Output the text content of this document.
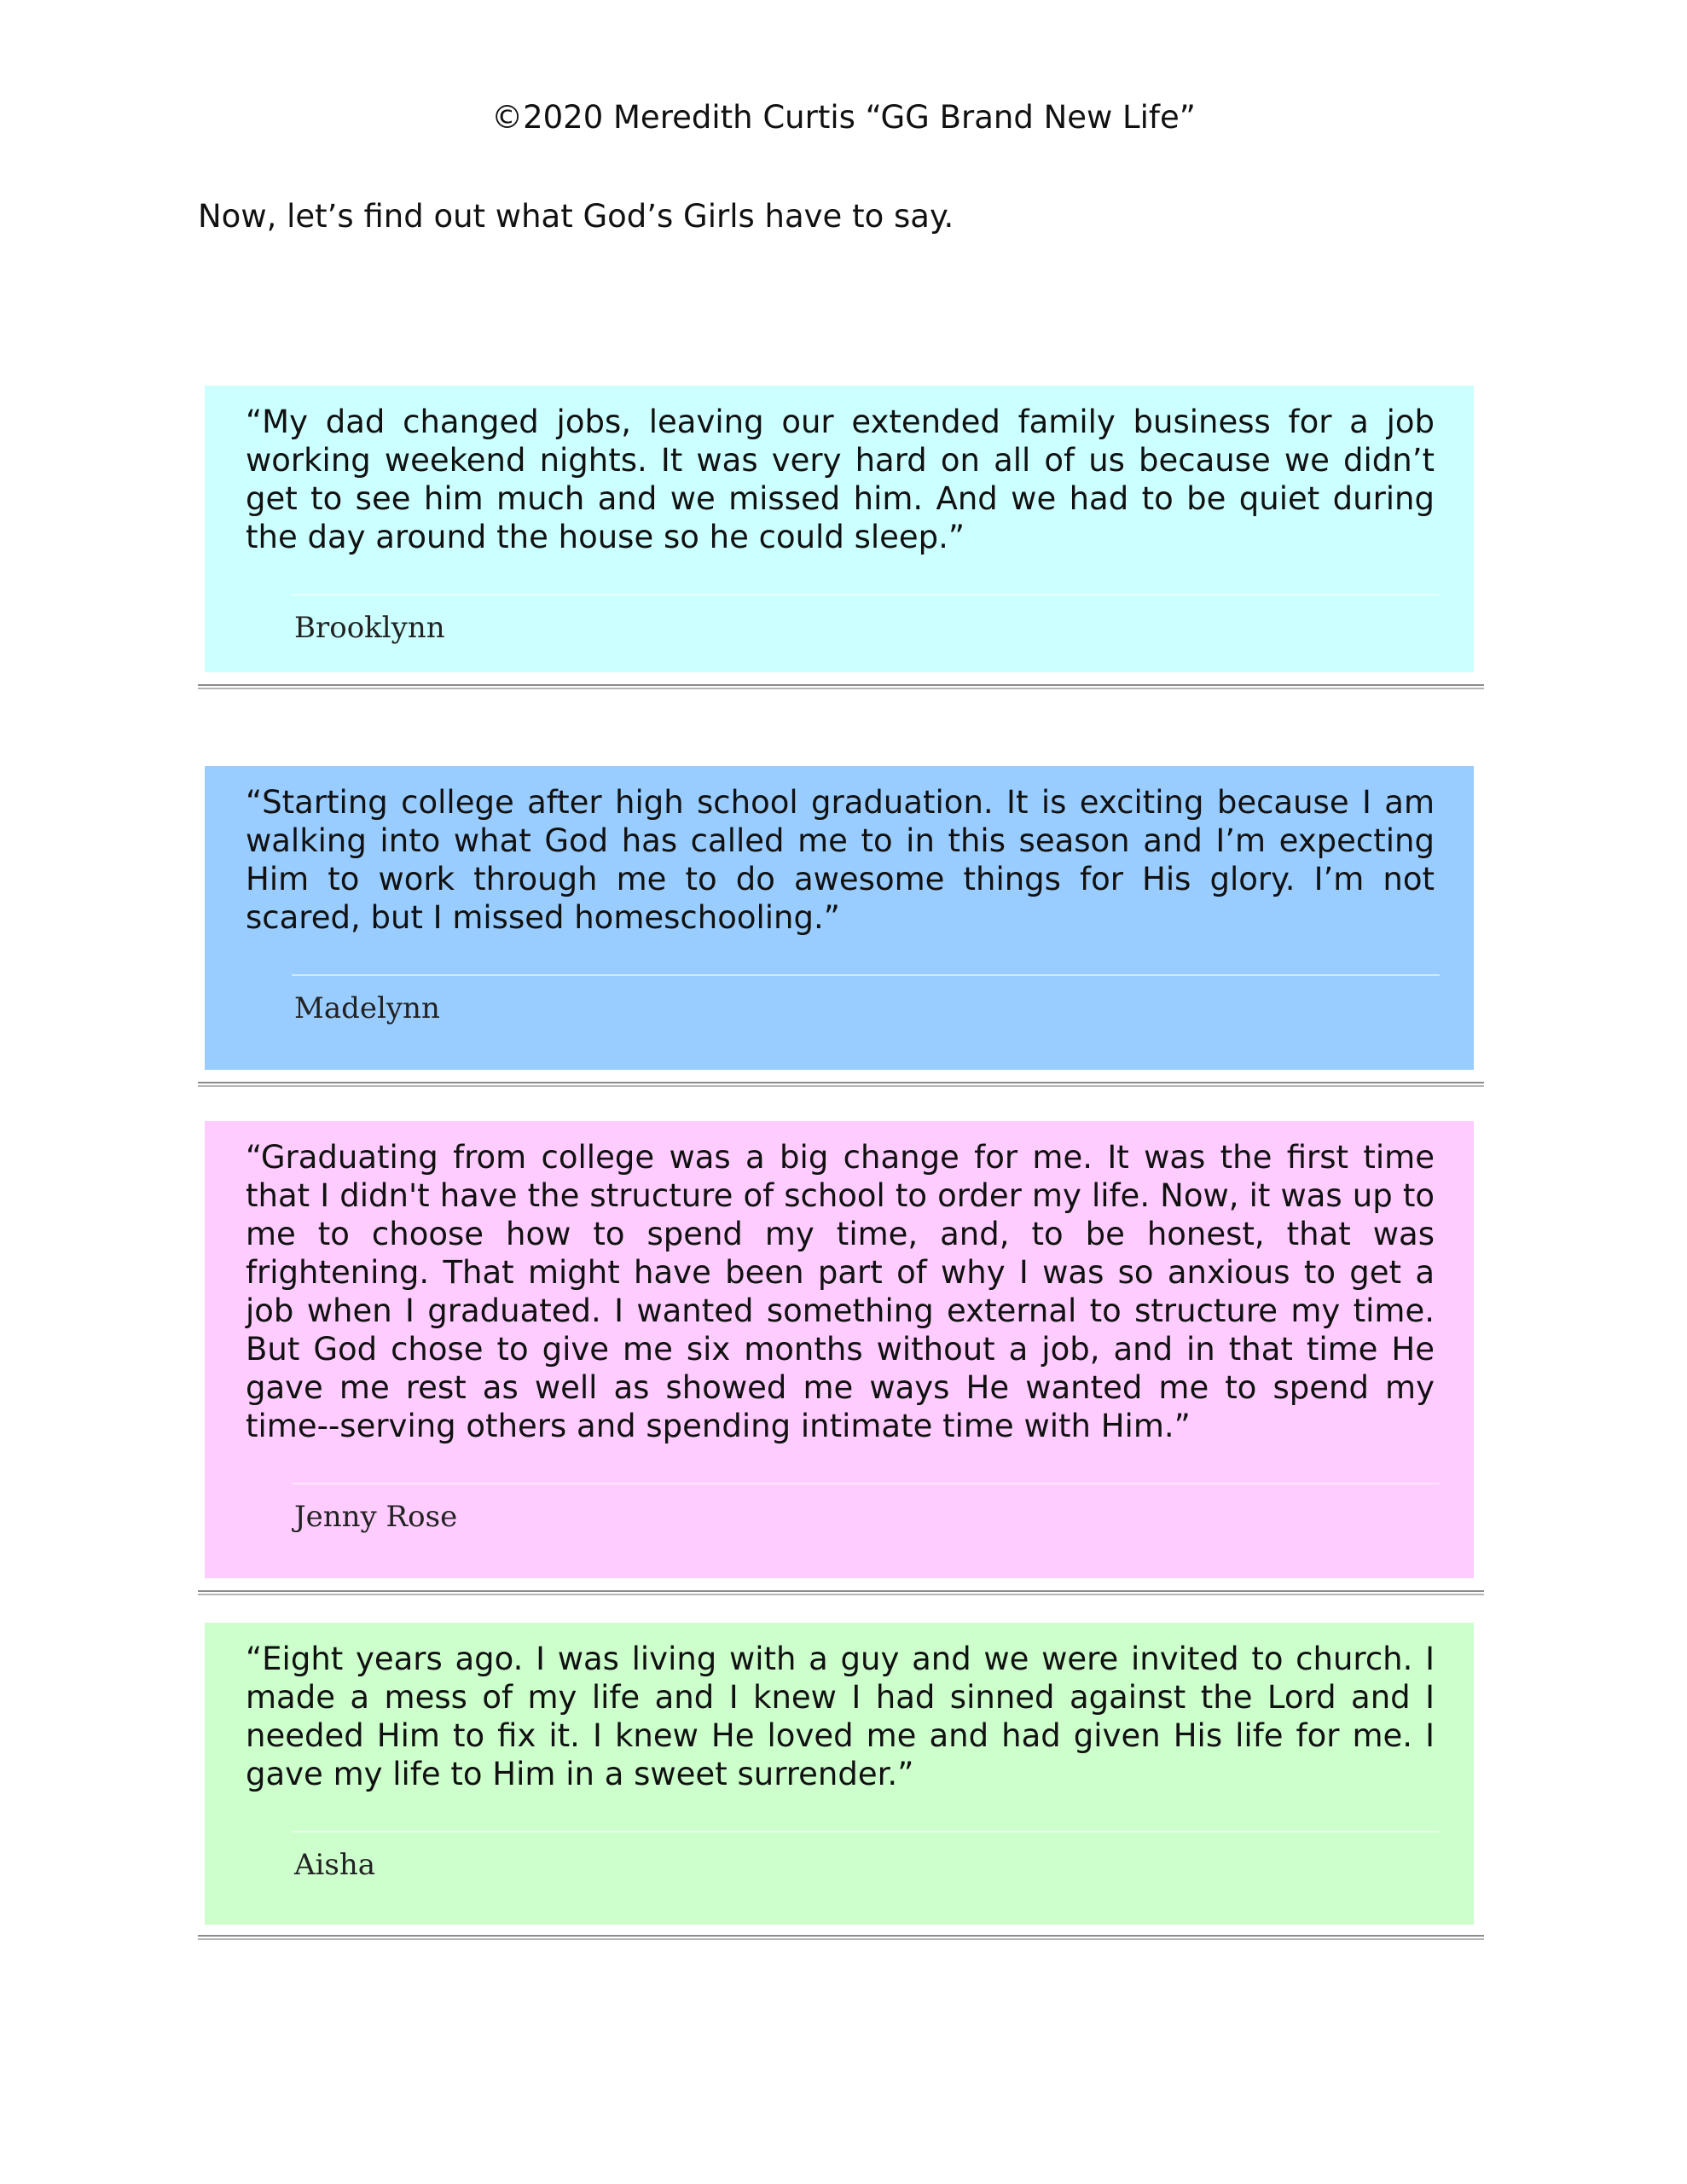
©2020 Meredith Curtis “GG Brand New Life”
Now, let’s find out what God’s Girls have to say.

“My dad changed jobs, leaving our extended family business for a job working weekend nights. It was very hard on all of us because we didn’t get to see him much and we missed him. And we had to be quiet during the day around the house so he could sleep.”

Brooklynn

“Starting college after high school graduation. It is exciting because I am walking into what God has called me to in this season and I’m expecting Him to work through me to do awesome things for His glory. I’m not scared, but I missed homeschooling.”

Madelynn

“Graduating from college was a big change for me. It was the first time that I didn't have the structure of school to order my life. Now, it was up to me to choose how to spend my time, and, to be honest, that was frightening. That might have been part of why I was so anxious to get a job when I graduated. I wanted something external to structure my time. But God chose to give me six months without a job, and in that time He gave me rest as well as showed me ways He wanted me to spend my time--serving others and spending intimate time with Him.”

Jenny Rose

“Eight years ago. I was living with a guy and we were invited to church. I made a mess of my life and I knew I had sinned against the Lord and I needed Him to fix it. I knew He loved me and had given His life for me. I gave my life to Him in a sweet surrender.”

Aisha
